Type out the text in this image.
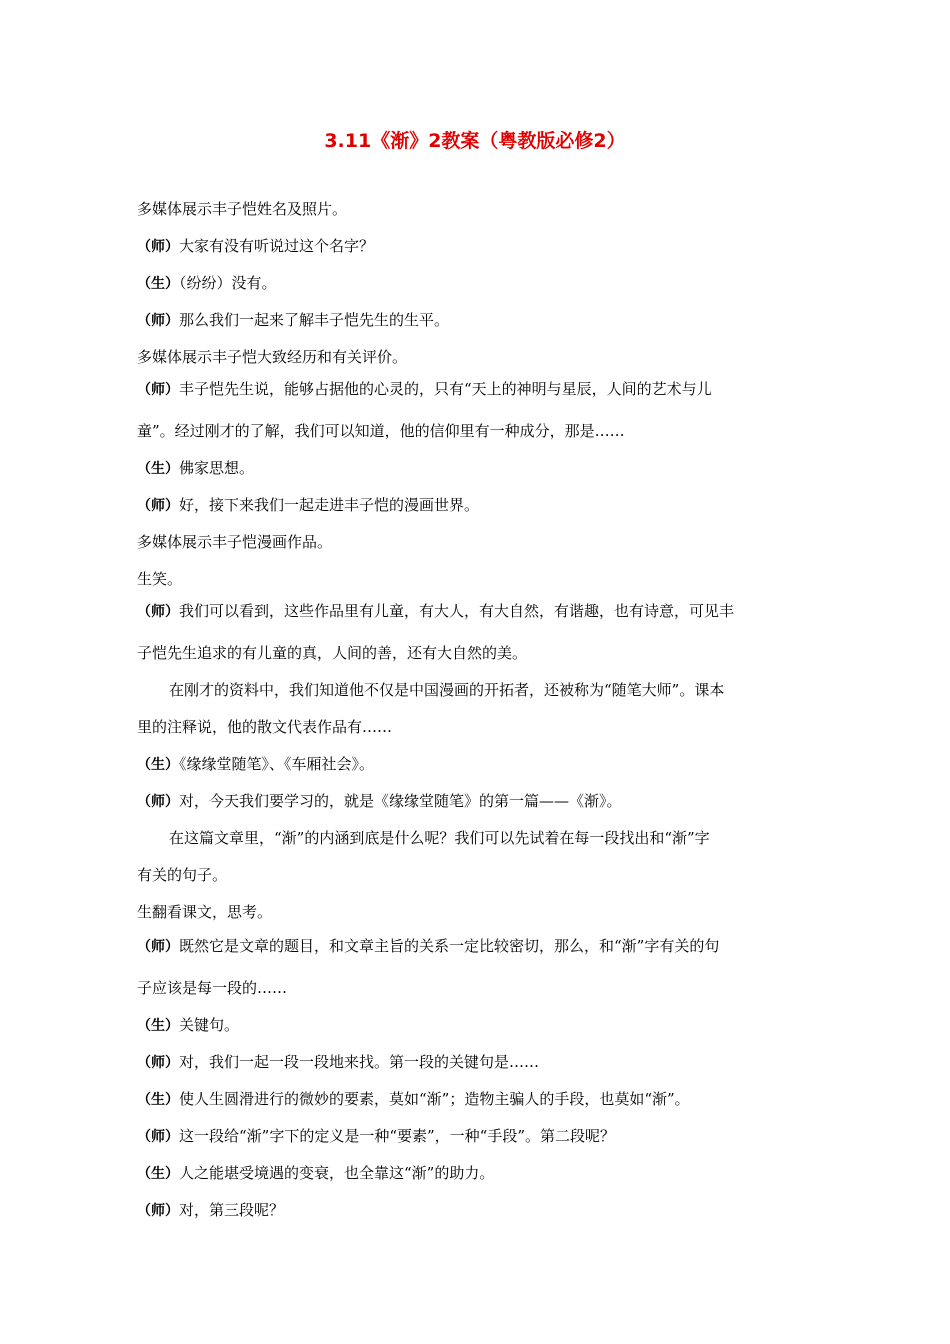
3.11《渐》2教案（粤教版必修2）
多媒体展示丰子恺姓名及照片。
（师）大家有没有听说过这个名字？
（生）（纷纷）没有。
（师）那么我们一起来了解丰子恺先生的生平。
多媒体展示丰子恺大致经历和有关评价。
（师）丰子恺先生说，能够占据他的心灵的，只有“天上的神明与星辰，人间的艺术与儿
童”。经过刚才的了解，我们可以知道，他的信仰里有一种成分，那是……
（生）佛家思想。
（师）好，接下来我们一起走进丰子恺的漫画世界。
多媒体展示丰子恺漫画作品。
生笑。
（师）我们可以看到，这些作品里有儿童，有大人，有大自然，有谐趣，也有诗意，可见丰
子恺先生追求的有儿童的真，人间的善，还有大自然的美。
在刚才的资料中，我们知道他不仅是中国漫画的开拓者，还被称为“随笔大师”。课本
里的注释说，他的散文代表作品有……
（生）《缘缘堂随笔》、《车厢社会》。
（师）对，今天我们要学习的，就是《缘缘堂随笔》的第一篇——《渐》。
在这篇文章里，“渐”的内涵到底是什么呢？我们可以先试着在每一段找出和“渐”字
有关的句子。
生翻看课文，思考。
（师）既然它是文章的题目，和文章主旨的关系一定比较密切，那么，和“渐”字有关的句
子应该是每一段的……
（生）关键句。
（师）对，我们一起一段一段地来找。第一段的关键句是……
（生）使人生圆滑进行的微妙的要素，莫如“渐”；造物主骗人的手段，也莫如“渐”。
（师）这一段给“渐”字下的定义是一种“要素”，一种“手段”。第二段呢？
（生）人之能堪受境遇的变衰，也全靠这“渐”的助力。
（师）对，第三段呢？
